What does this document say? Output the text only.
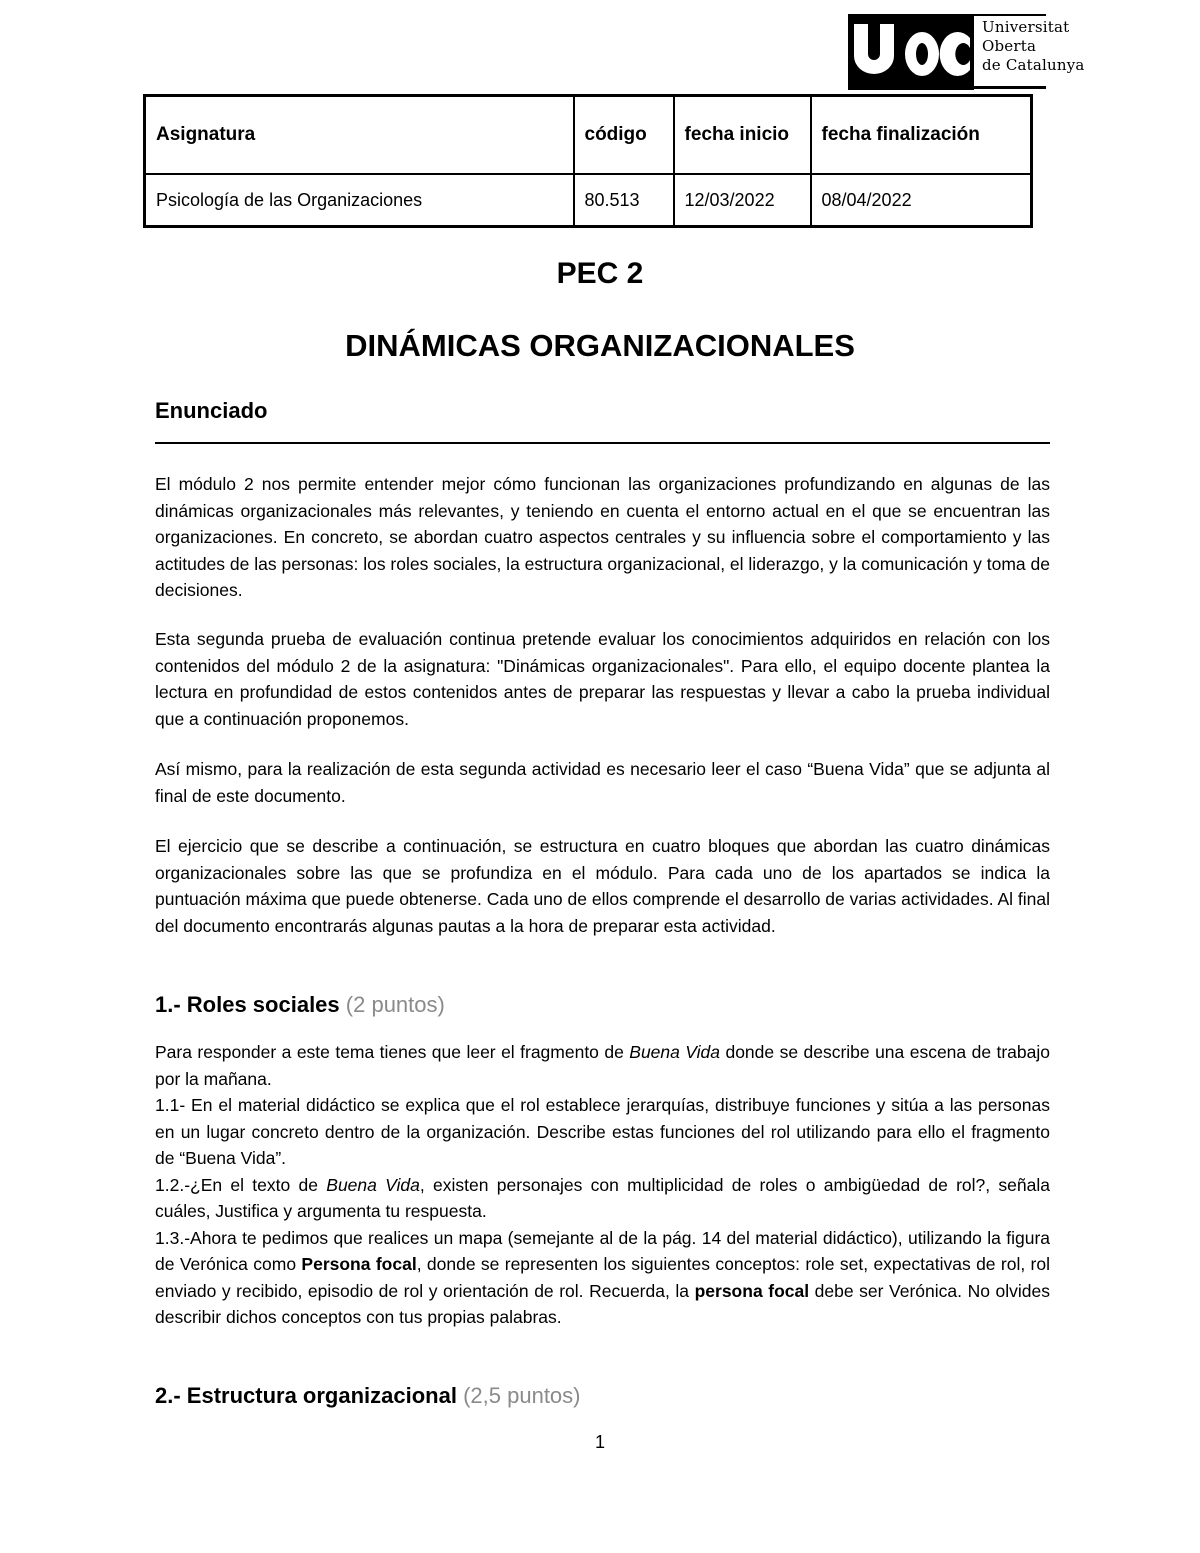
Universitat
Oberta
de Catalunya
Asignatura	código	fecha inicio	fecha finalización
Psicología de las Organizaciones	80.513	12/03/2022	08/04/2022
PEC 2
DINÁMICAS ORGANIZACIONALES
Enunciado

El módulo 2 nos permite entender mejor cómo funcionan las organizaciones profundizando en algunas de las dinámicas organizacionales más relevantes, y teniendo en cuenta el entorno actual en el que se encuentran las organizaciones. En concreto, se abordan cuatro aspectos centrales y su influencia sobre el comportamiento y las actitudes de las personas: los roles sociales, la estructura organizacional, el liderazgo, y la comunicación y toma de decisiones.

Esta segunda prueba de evaluación continua pretende evaluar los conocimientos adquiridos en relación con los contenidos del módulo 2 de la asignatura: "Dinámicas organizacionales". Para ello, el equipo docente plantea la lectura en profundidad de estos contenidos antes de preparar las respuestas y llevar a cabo la prueba individual que a continuación proponemos.

Así mismo, para la realización de esta segunda actividad es necesario leer el caso “Buena Vida” que se adjunta al final de este documento.

El ejercicio que se describe a continuación, se estructura en cuatro bloques que abordan las cuatro dinámicas organizacionales sobre las que se profundiza en el módulo. Para cada uno de los apartados se indica la puntuación máxima que puede obtenerse. Cada uno de ellos comprende el desarrollo de varias actividades. Al final del documento encontrarás algunas pautas a la hora de preparar esta actividad.

1.- Roles sociales (2 puntos)

Para responder a este tema tienes que leer el fragmento de Buena Vida donde se describe una escena de trabajo por la mañana.

1.1- En el material didáctico se explica que el rol establece jerarquías, distribuye funciones y sitúa a las personas en un lugar concreto dentro de la organización. Describe estas funciones del rol utilizando para ello el fragmento de “Buena Vida”.

1.2.-¿En el texto de Buena Vida, existen personajes con multiplicidad de roles o ambigüedad de rol?, señala cuáles, Justifica y argumenta tu respuesta.

1.3.-Ahora te pedimos que realices un mapa (semejante al de la pág. 14 del material didáctico), utilizando la figura de Verónica como Persona focal, donde se representen los siguientes conceptos: role set, expectativas de rol, rol enviado y recibido, episodio de rol y orientación de rol. Recuerda, la persona focal debe ser Verónica. No olvides describir dichos conceptos con tus propias palabras.

2.- Estructura organizacional (2,5 puntos)
1
